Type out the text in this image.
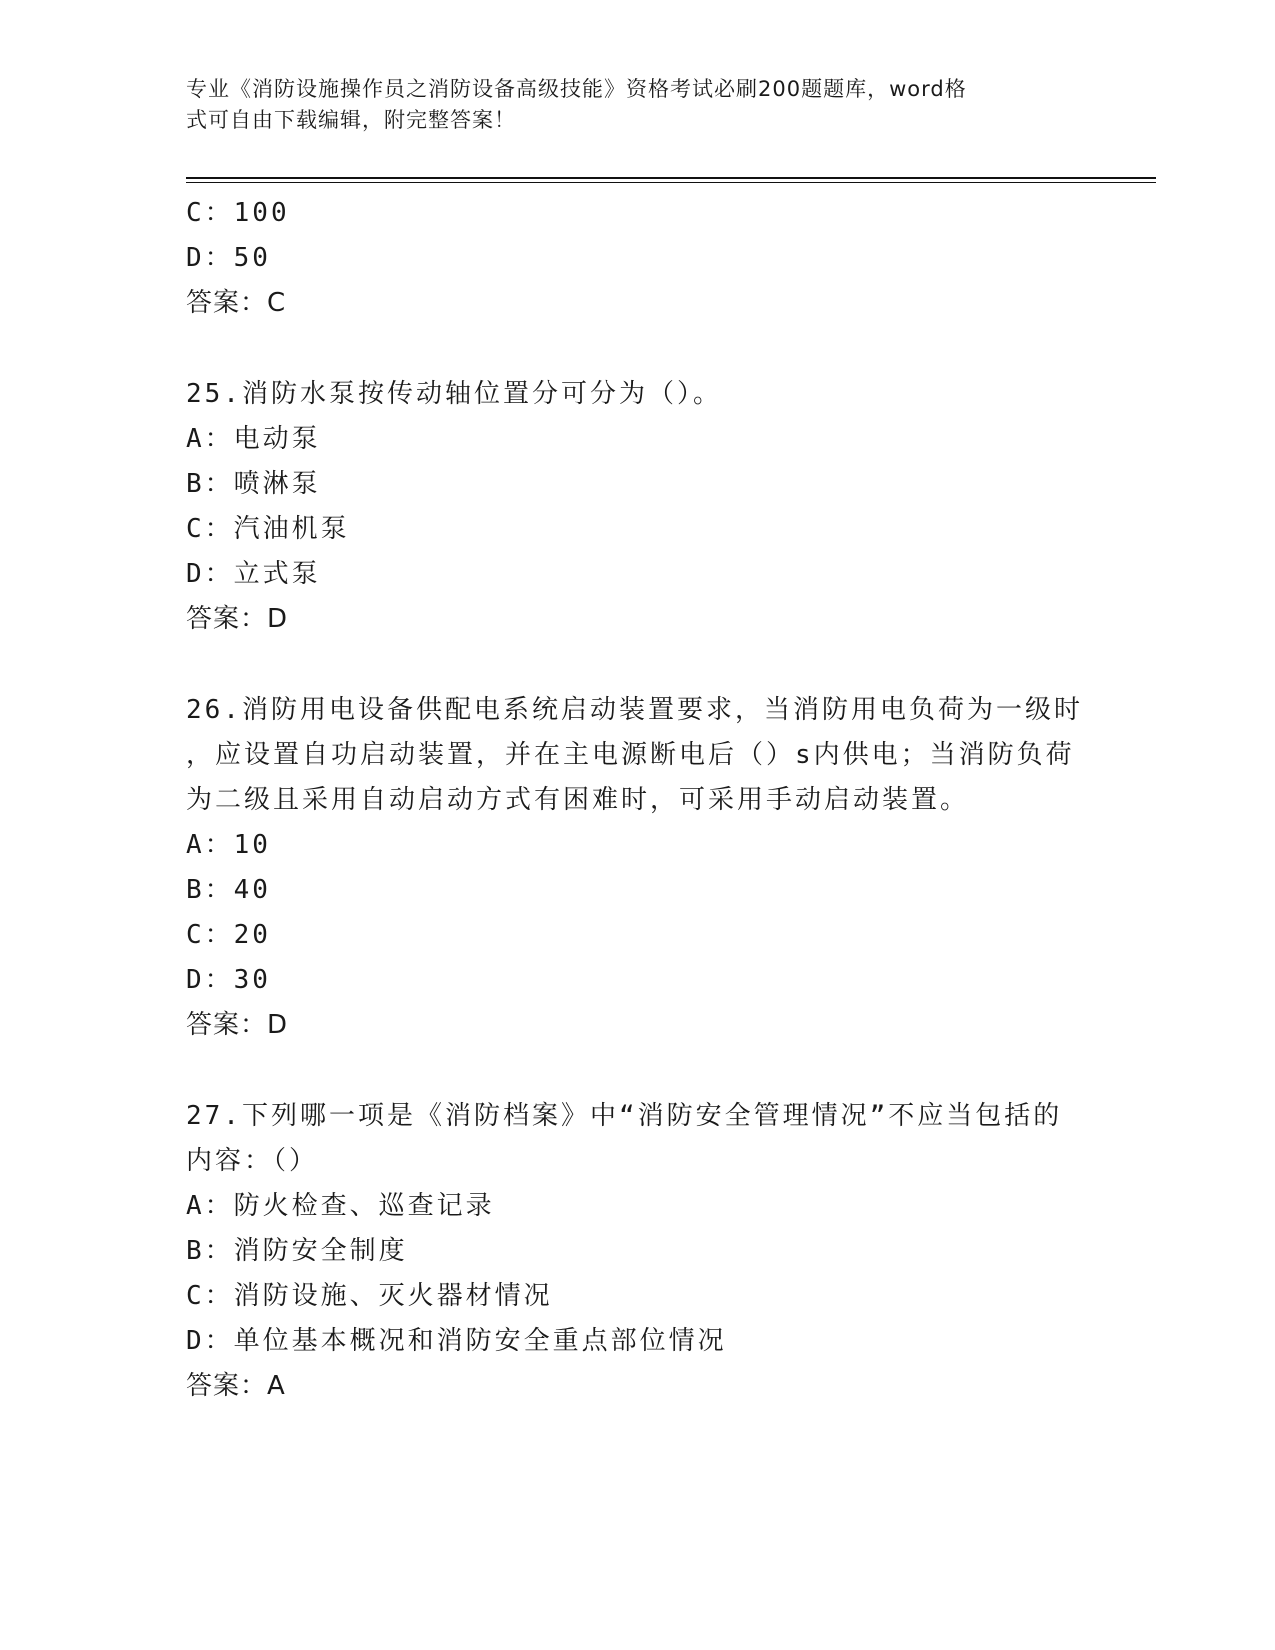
专业《消防设施操作员之消防设备高级技能》资格考试必刷200题题库，word格
式可自由下载编辑，附完整答案！
C：100
D：50
答案：C
25.消防水泵按传动轴位置分可分为（）。
A：电动泵
B：喷淋泵
C：汽油机泵
D：立式泵
答案：D
26.消防用电设备供配电系统启动装置要求，当消防用电负荷为一级时
，应设置自功启动装置，并在主电源断电后（）s内供电；当消防负荷
为二级且采用自动启动方式有困难时，可采用手动启动装置。
A：10
B：40
C：20
D：30
答案：D
27.下列哪一项是《消防档案》中“消防安全管理情况”不应当包括的
内容：（）
A：防火检查、巡查记录
B：消防安全制度
C：消防设施、灭火器材情况
D：单位基本概况和消防安全重点部位情况
答案：A
